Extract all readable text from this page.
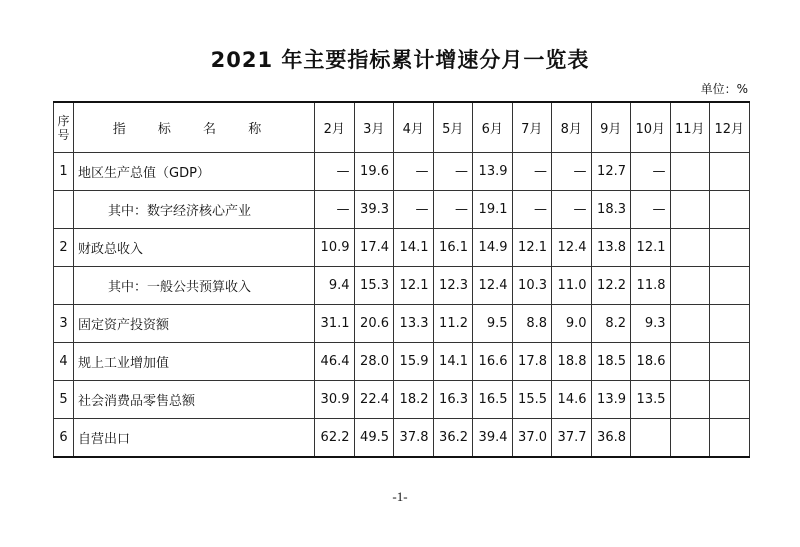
2021 年主要指标累计增速分月一览表
单位：%
序号	指 标 名 称	2月	3月	4月	5月	6月	7月	8月	9月	10月	11月	12月
1	地区生产总值（GDP）	—	19.6	—	—	13.9	—	—	12.7	—		
	其中：数字经济核心产业	—	39.3	—	—	19.1	—	—	18.3	—		
2	财政总收入	10.9	17.4	14.1	16.1	14.9	12.1	12.4	13.8	12.1		
	其中：一般公共预算收入	9.4	15.3	12.1	12.3	12.4	10.3	11.0	12.2	11.8		
3	固定资产投资额	31.1	20.6	13.3	11.2	9.5	8.8	9.0	8.2	9.3		
4	规上工业增加值	46.4	28.0	15.9	14.1	16.6	17.8	18.8	18.5	18.6		
5	社会消费品零售总额	30.9	22.4	18.2	16.3	16.5	15.5	14.6	13.9	13.5		
6	自营出口	62.2	49.5	37.8	36.2	39.4	37.0	37.7	36.8			
-1-
